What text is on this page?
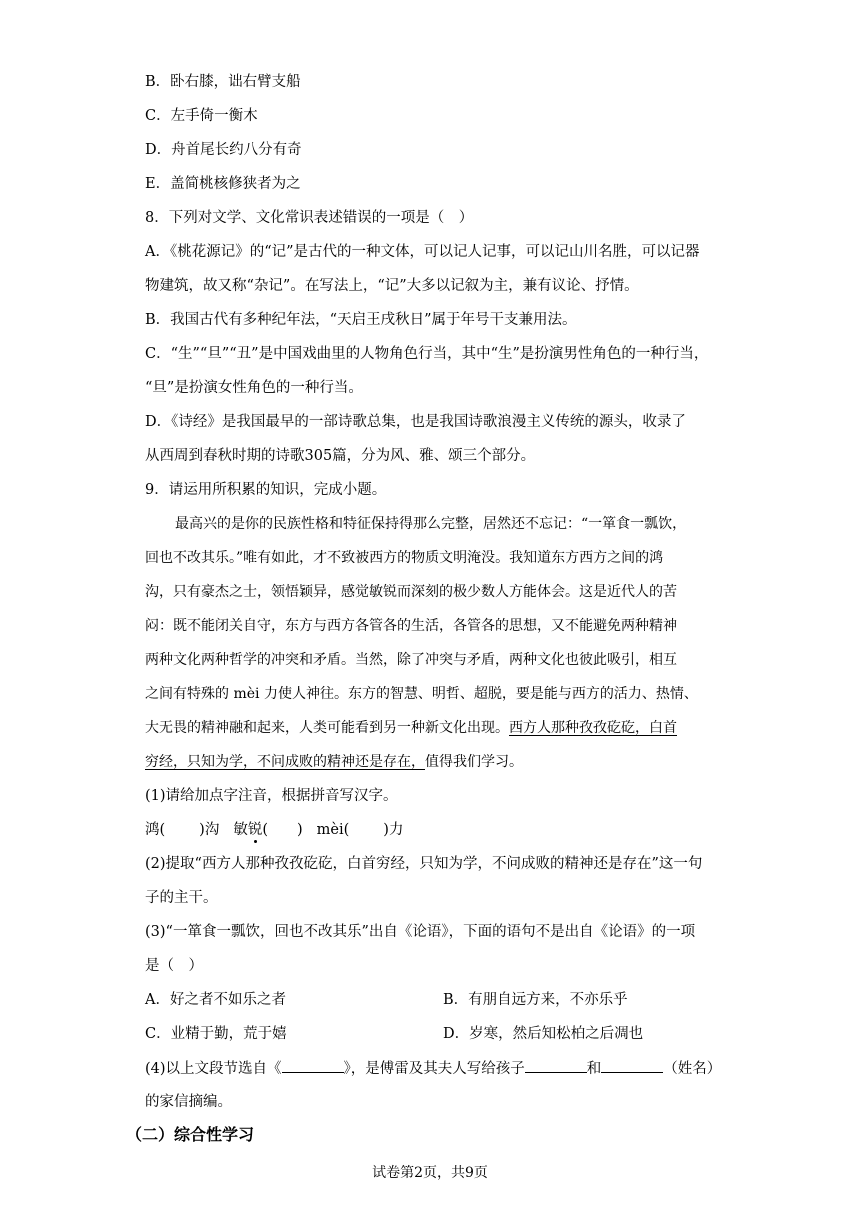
B．卧右膝，诎右臂支船
C．左手倚一衡木
D．舟首尾长约八分有奇
E．盖简桃核修狭者为之
8．下列对文学、文化常识表述错误的一项是（　）
A．《桃花源记》的“记”是古代的一种文体，可以记人记事，可以记山川名胜，可以记器
物建筑，故又称“杂记”。在写法上，“记”大多以记叙为主，兼有议论、抒情。
B．我国古代有多种纪年法，“天启王戌秋日”属于年号干支兼用法。
C．“生”“旦”“丑”是中国戏曲里的人物角色行当，其中“生”是扮演男性角色的一种行当，
“旦”是扮演女性角色的一种行当。
D．《诗经》是我国最早的一部诗歌总集，也是我国诗歌浪漫主义传统的源头，收录了
从西周到春秋时期的诗歌305篇，分为风、雅、颂三个部分。
9．请运用所积累的知识，完成小题。
最高兴的是你的民族性格和特征保持得那么完整，居然还不忘记：“一箪食一瓢饮，
回也不改其乐。”唯有如此，才不致被西方的物质文明淹没。我知道东方西方之间的鸿
沟，只有豪杰之士，领悟颖异，感觉敏锐而深刻的极少数人方能体会。这是近代人的苦
闷：既不能闭关自守，东方与西方各管各的生活，各管各的思想，又不能避免两种精神
两种文化两种哲学的冲突和矛盾。当然，除了冲突与矛盾，两种文化也彼此吸引，相互
之间有特殊的 mèi 力使人神往。东方的智慧、明哲、超脱，要是能与西方的活力、热情、
大无畏的精神融和起来，人类可能看到另一种新文化出现。西方人那种孜孜矻矻，白首
穷经，只知为学，不问成败的精神还是存在，值得我们学习。
(1)请给加点字注音，根据拼音写汉字。
鸿( )沟 敏锐(　　) mèi( )力
(2)提取“西方人那种孜孜矻矻，白首穷经，只知为学，不问成败的精神还是存在”这一句
子的主干。
(3)“一箪食一瓢饮，回也不改其乐”出自《论语》，下面的语句不是出自《论语》的一项
是（　）
A．好之者不如乐之者	B．有朋自远方来，不亦乐乎
C．业精于勤，荒于嬉	D．岁寒，然后知松柏之后凋也
(4)以上文段节选自《	》，是傅雷及其夫人写给孩子	和	（姓名）
的家信摘编。
（二）综合性学习
试卷第2页，共9页
